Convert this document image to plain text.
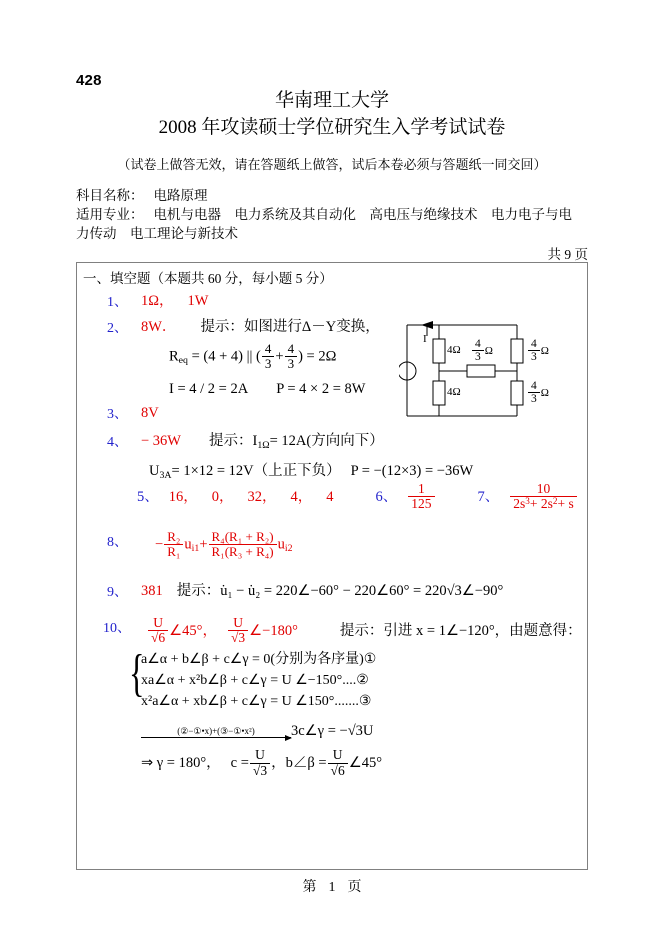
428
华南理工大学
2008 年攻读硕士学位研究生入学考试试卷
（试卷上做答无效，请在答题纸上做答，试后本卷必须与答题纸一同交回）
科目名称： 电路原理
适用专业： 电机与电器　电力系统及其自动化　高电压与绝缘技术　电力电子与电
力传动　电工理论与新技术
共 9 页
一、填空题（本题共 60 分，每小题 5 分）
I
4Ω
4Ω
$\frac{4}{3}$ Ω	$\frac{4}{3}$ Ω
$\frac{4}{3}$ Ω
1、 1Ω， 1W
2、 8W． 提示：如图进行Δ－Y变换，
$R_{eq} = (4 + 4)$ || ( $\frac{4}{3} + \frac{4}{3}$ ) = 2Ω
I = 4 / 2 = 2A P = 4 × 2 = 8W
3、 8V
4、 − 36W 提示：$I_{1\Omega}= 12A$(方向向下）
$U_{3A}= 1\times 12 = 12V$（上正下负） P = −(12×3) = −36W
5、 16， 0， 32， 4， 4	6、 $\frac{1}{125}$	7、 $\frac{10}{2s^3+ 2s^2+ s}$
8、	− $\frac{\text{R₂}}{\text{R₁}} u_{i1}+ \frac{\text{R₄(R₁ + R₂)}}{\text{R₁(R₃ + R₄)}} u_{i2}$
9、 381 提示：u̇₁ − u̇₂ = 220∠−60° − 220∠60° = 220√3∠−90°
10、 $\frac{U}{√6}$ ∠45°， $\frac{U}{√3}$ ∠−180°	提示：引进 x = 1∠−120°，由题意得：
{
a∠α + b∠β + c∠γ = 0(分别为各序量)①
xa∠α + x²b∠β + c∠γ = U ∠−150°....②
x²a∠α + xb∠β + c∠γ = U ∠150°.......③
(②−①•x)+(③−①•x²)	3c∠γ = −√3U
⇒ γ = 180°， $c = \frac{U}{√3}$ ，b∠β = $\frac{U}{√6}$ ∠45°
第 1 页
